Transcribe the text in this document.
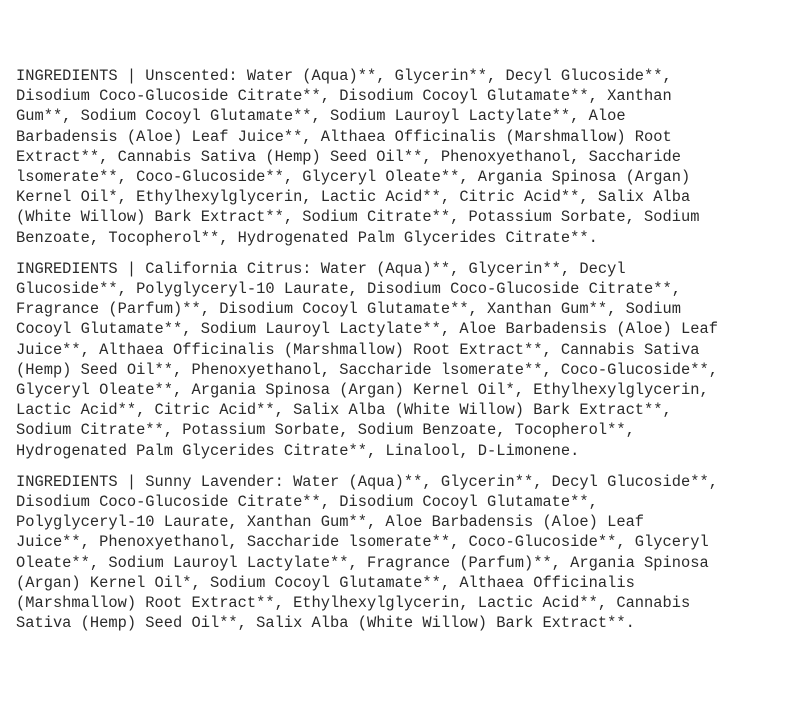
INGREDIENTS | Unscented: Water (Aqua)**, Glycerin**, Decyl Glucoside**,
Disodium Coco-Glucoside Citrate**, Disodium Cocoyl Glutamate**, Xanthan
Gum**, Sodium Cocoyl Glutamate**, Sodium Lauroyl Lactylate**, Aloe
Barbadensis (Aloe) Leaf Juice**, Althaea Officinalis (Marshmallow) Root
Extract**, Cannabis Sativa (Hemp) Seed Oil**, Phenoxyethanol, Saccharide
lsomerate**, Coco-Glucoside**, Glyceryl Oleate**, Argania Spinosa (Argan)
Kernel Oil*, Ethylhexylglycerin, Lactic Acid**, Citric Acid**, Salix Alba
(White Willow) Bark Extract**, Sodium Citrate**, Potassium Sorbate, Sodium
Benzoate, Tocopherol**, Hydrogenated Palm Glycerides Citrate**.
INGREDIENTS | California Citrus: Water (Aqua)**, Glycerin**, Decyl
Glucoside**, Polyglyceryl-10 Laurate, Disodium Coco-Glucoside Citrate**,
Fragrance (Parfum)**, Disodium Cocoyl Glutamate**, Xanthan Gum**, Sodium
Cocoyl Glutamate**, Sodium Lauroyl Lactylate**, Aloe Barbadensis (Aloe) Leaf
Juice**, Althaea Officinalis (Marshmallow) Root Extract**, Cannabis Sativa
(Hemp) Seed Oil**, Phenoxyethanol, Saccharide lsomerate**, Coco-Glucoside**,
Glyceryl Oleate**, Argania Spinosa (Argan) Kernel Oil*, Ethylhexylglycerin,
Lactic Acid**, Citric Acid**, Salix Alba (White Willow) Bark Extract**,
Sodium Citrate**, Potassium Sorbate, Sodium Benzoate, Tocopherol**,
Hydrogenated Palm Glycerides Citrate**, Linalool, D-Limonene.
INGREDIENTS | Sunny Lavender: Water (Aqua)**, Glycerin**, Decyl Glucoside**,
Disodium Coco-Glucoside Citrate**, Disodium Cocoyl Glutamate**,
Polyglyceryl-10 Laurate, Xanthan Gum**, Aloe Barbadensis (Aloe) Leaf
Juice**, Phenoxyethanol, Saccharide lsomerate**, Coco-Glucoside**, Glyceryl
Oleate**, Sodium Lauroyl Lactylate**, Fragrance (Parfum)**, Argania Spinosa
(Argan) Kernel Oil*, Sodium Cocoyl Glutamate**, Althaea Officinalis
(Marshmallow) Root Extract**, Ethylhexylglycerin, Lactic Acid**, Cannabis
Sativa (Hemp) Seed Oil**, Salix Alba (White Willow) Bark Extract**.
